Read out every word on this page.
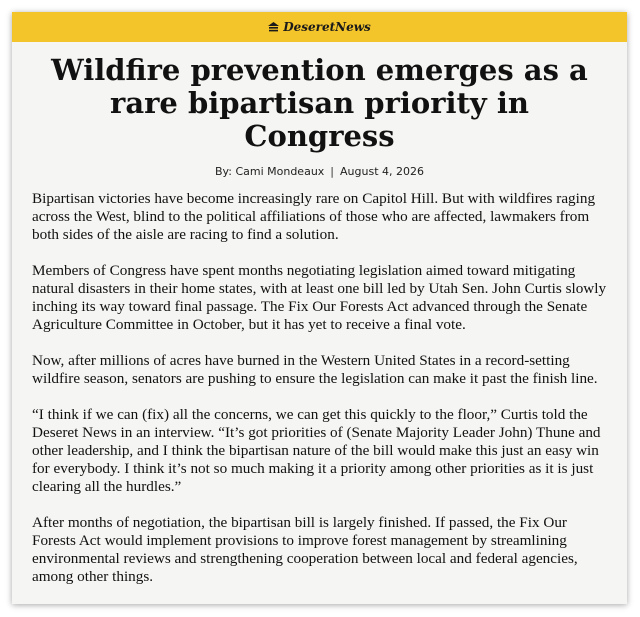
DeseretNews
Wildfire prevention emerges as a rare bipartisan priority in Congress
By: Cami Mondeaux | August 4, 2026

Bipartisan victories have become increasingly rare on Capitol Hill. But with wildfires raging across the West, blind to the political affiliations of those who are affected, lawmakers from both sides of the aisle are racing to find a solution.

Members of Congress have spent months negotiating legislation aimed toward mitigating natural disasters in their home states, with at least one bill led by Utah Sen. John Curtis slowly inching its way toward final passage. The Fix Our Forests Act advanced through the Senate Agriculture Committee in October, but it has yet to receive a final vote.

Now, after millions of acres have burned in the Western United States in a record-setting wildfire season, senators are pushing to ensure the legislation can make it past the finish line.

“I think if we can (fix) all the concerns, we can get this quickly to the floor,” Curtis told the Deseret News in an interview. “It’s got priorities of (Senate Majority Leader John) Thune and other leadership, and I think the bipartisan nature of the bill would make this just an easy win for everybody. I think it’s not so much making it a priority among other priorities as it is just clearing all the hurdles.”

After months of negotiation, the bipartisan bill is largely finished. If passed, the Fix Our Forests Act would implement provisions to improve forest management by streamlining environmental reviews and strengthening cooperation between local and federal agencies, among other things.
